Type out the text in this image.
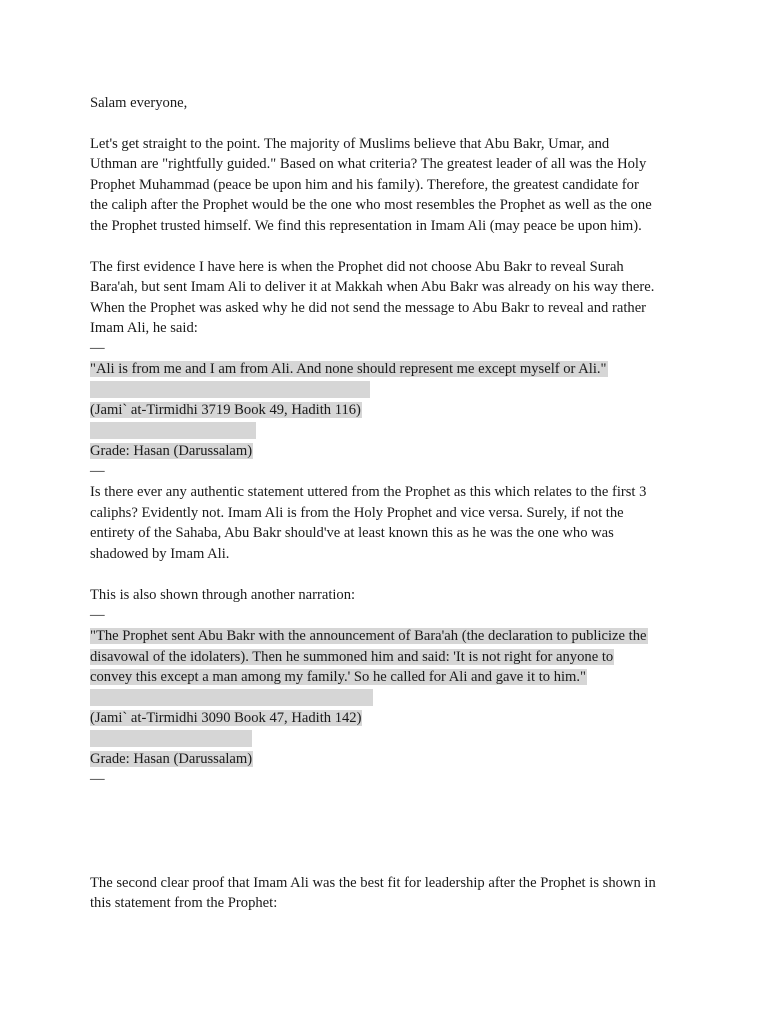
Salam everyone,
Let's get straight to the point. The majority of Muslims believe that Abu Bakr, Umar, and
Uthman are "rightfully guided." Based on what criteria? The greatest leader of all was the Holy
Prophet Muhammad (peace be upon him and his family). Therefore, the greatest candidate for
the caliph after the Prophet would be the one who most resembles the Prophet as well as the one
the Prophet trusted himself. We find this representation in Imam Ali (may peace be upon him).
The first evidence I have here is when the Prophet did not choose Abu Bakr to reveal Surah
Bara'ah, but sent Imam Ali to deliver it at Makkah when Abu Bakr was already on his way there.
When the Prophet was asked why he did not send the message to Abu Bakr to reveal and rather
Imam Ali, he said:
—
"Ali is from me and I am from Ali. And none should represent me except myself or Ali."
(Jami` at-Tirmidhi 3719 Book 49, Hadith 116)
Grade: Hasan (Darussalam)
—
Is there ever any authentic statement uttered from the Prophet as this which relates to the first 3
caliphs? Evidently not. Imam Ali is from the Holy Prophet and vice versa. Surely, if not the
entirety of the Sahaba, Abu Bakr should've at least known this as he was the one who was
shadowed by Imam Ali.
This is also shown through another narration:
—
"The Prophet sent Abu Bakr with the announcement of Bara'ah (the declaration to publicize the
disavowal of the idolaters). Then he summoned him and said: 'It is not right for anyone to
convey this except a man among my family.' So he called for Ali and gave it to him."
(Jami` at-Tirmidhi 3090 Book 47, Hadith 142)
Grade: Hasan (Darussalam)
—
The second clear proof that Imam Ali was the best fit for leadership after the Prophet is shown in
this statement from the Prophet:
